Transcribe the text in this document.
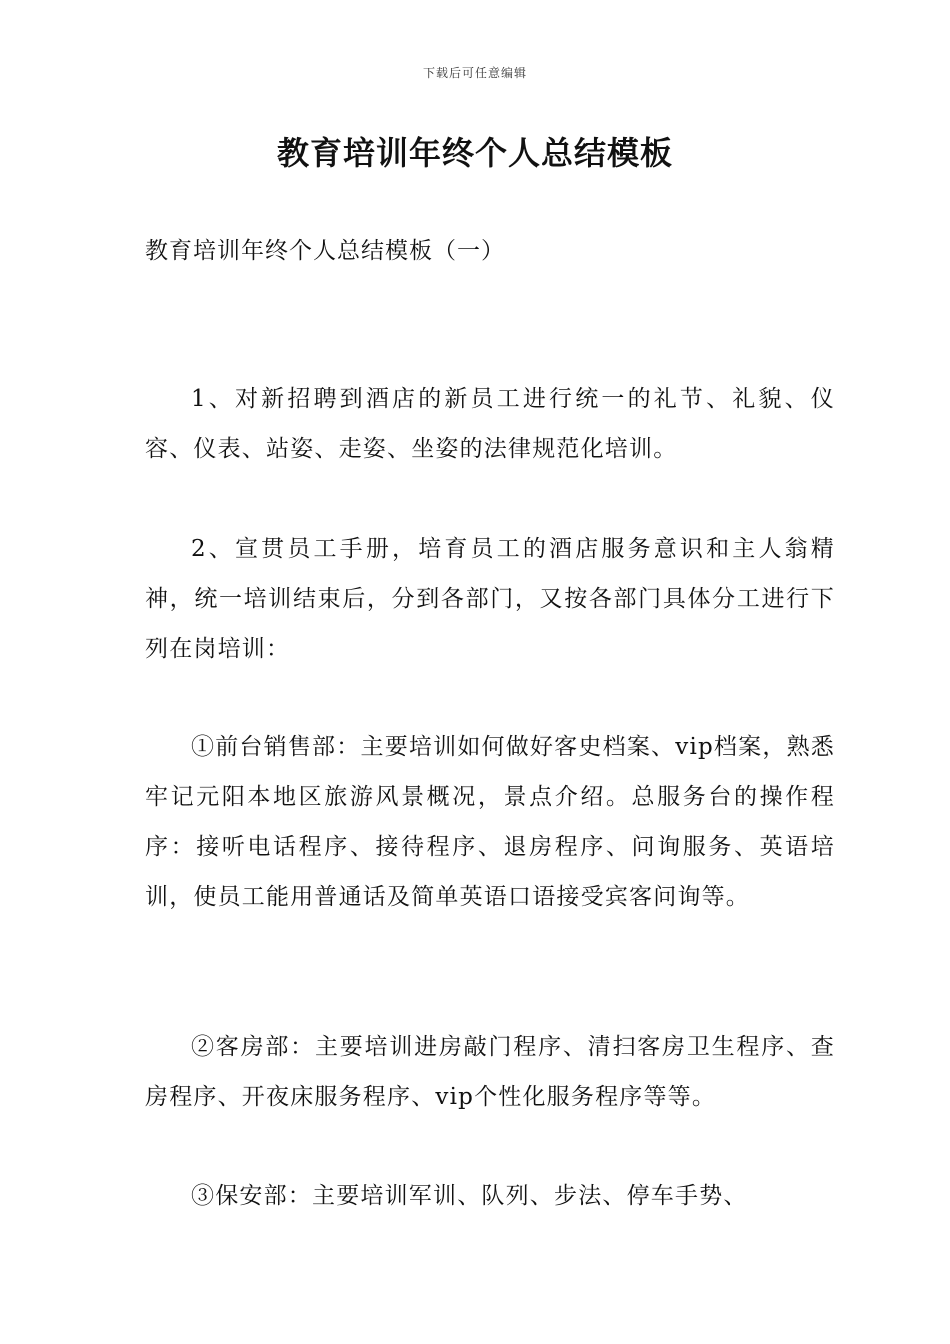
下载后可任意编辑
教育培训年终个人总结模板

教育培训年终个人总结模板（一）

1、对新招聘到酒店的新员工进行统一的礼节、礼貌、仪容、仪表、站姿、走姿、坐姿的法律规范化培训。

2、宣贯员工手册，培育员工的酒店服务意识和主人翁精神，统一培训结束后，分到各部门，又按各部门具体分工进行下列在岗培训：

①前台销售部：主要培训如何做好客史档案、vip档案，熟悉牢记元阳本地区旅游风景概况，景点介绍。总服务台的操作程序：接听电话程序、接待程序、退房程序、问询服务、英语培训，使员工能用普通话及简单英语口语接受宾客问询等。

②客房部：主要培训进房敲门程序、清扫客房卫生程序、查房程序、开夜床服务程序、vip个性化服务程序等等。

③保安部：主要培训军训、队列、步法、停车手势、
